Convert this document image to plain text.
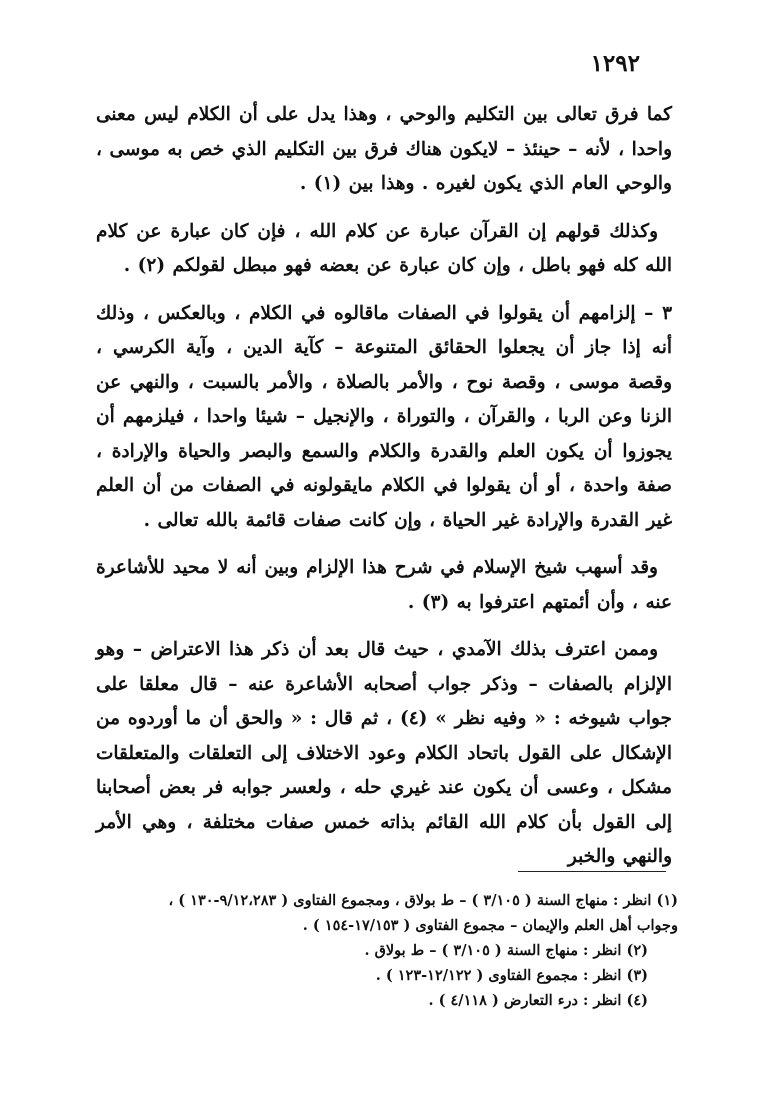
١٢٩٢

كما فرق تعالى بين التكليم والوحي ، وهذا يدل على أن الكلام ليس معنى واحدا ، لأنه – حينئذ – لايكون هناك فرق بين التكليم الذي خص به موسى ، والوحي العام الذي يكون لغيره . وهذا بين (١) .

وكذلك قولهم إن القرآن عبارة عن كلام الله ، فإن كان عبارة عن كلام الله كله فهو باطل ، وإن كان عبارة عن بعضه فهو مبطل لقولكم (٢) .

٣ – إلزامهم أن يقولوا في الصفات ماقالوه في الكلام ، وبالعكس ، وذلك أنه إذا جاز أن يجعلوا الحقائق المتنوعة – كآية الدين ، وآية الكرسي ، وقصة موسى ، وقصة نوح ، والأمر بالصلاة ، والأمر بالسبت ، والنهي عن الزنا وعن الربا ، والقرآن ، والتوراة ، والإنجيل – شيئا واحدا ، فيلزمهم أن يجوزوا أن يكون العلم والقدرة والكلام والسمع والبصر والحياة والإرادة ، صفة واحدة ، أو أن يقولوا في الكلام مايقولونه في الصفات من أن العلم غير القدرة والإرادة غير الحياة ، وإن كانت صفات قائمة بالله تعالى .

وقد أسهب شيخ الإسلام في شرح هذا الإلزام وبين أنه لا محيد للأشاعرة عنه ، وأن أئمتهم اعترفوا به (٣) .

وممن اعترف بذلك الآمدي ، حيث قال بعد أن ذكر هذا الاعتراض – وهو الإلزام بالصفات – وذكر جواب أصحابه الأشاعرة عنه – قال معلقا على جواب شيوخه : « وفيه نظر » (٤) ، ثم قال : « والحق أن ما أوردوه من الإشكال على القول باتحاد الكلام وعود الاختلاف إلى التعلقات والمتعلقات مشكل ، وعسى أن يكون عند غيري حله ، ولعسر جوابه فر بعض أصحابنا إلى القول بأن كلام الله القائم بذاته خمس صفات مختلفة ، وهي الأمر والنهي والخبر

(١) انظر : منهاج السنة ( ٣/١٠٥ ) – ط بولاق ، ومجموع الفتاوى ( ٩/١٢،٢٨٣-١٣٠ ) ،

وجواب أهل العلم والإيمان – مجموع الفتاوى ( ١٧/١٥٣-١٥٤ ) .

(٢) انظر : منهاج السنة ( ٣/١٠٥ ) – ط بولاق .

(٣) انظر : مجموع الفتاوى ( ١٢/١٢٢-١٢٣ ) .

(٤) انظر : درء التعارض ( ٤/١١٨ ) .
